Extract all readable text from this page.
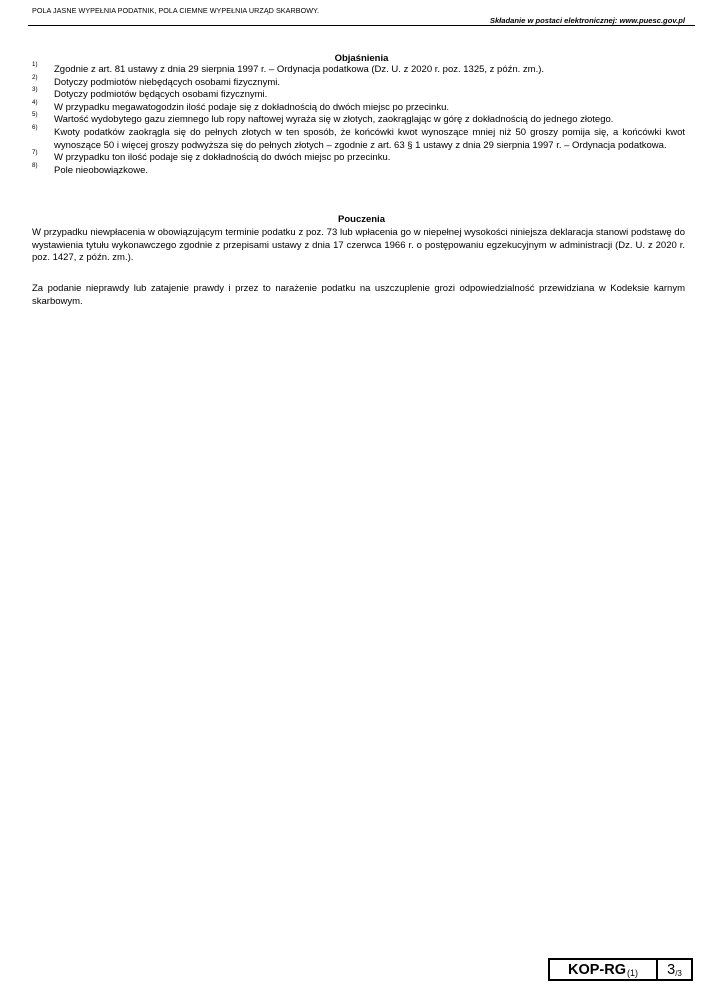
POLA JASNE WYPEŁNIA PODATNIK, POLA CIEMNE WYPEŁNIA URZĄD SKARBOWY.
Składanie w postaci elektronicznej: www.puesc.gov.pl
Objaśnienia
1) Zgodnie z art. 81 ustawy z dnia 29 sierpnia 1997 r. – Ordynacja podatkowa (Dz. U. z 2020 r. poz. 1325, z późn. zm.).
2) Dotyczy podmiotów niebędących osobami fizycznymi.
3) Dotyczy podmiotów będących osobami fizycznymi.
4) W przypadku megawatogodzin ilość podaje się z dokładnością do dwóch miejsc po przecinku.
5) Wartość wydobytego gazu ziemnego lub ropy naftowej wyraża się w złotych, zaokrąglając w górę z dokładnością do jednego złotego.
6) Kwoty podatków zaokrągla się do pełnych złotych w ten sposób, że końcówki kwot wynoszące mniej niż 50 groszy pomija się, a końcówki kwot wynoszące 50 i więcej groszy podwyższa się do pełnych złotych – zgodnie z art. 63 § 1 ustawy z dnia 29 sierpnia 1997 r. – Ordynacja podatkowa.
7) W przypadku ton ilość podaje się z dokładnością do dwóch miejsc po przecinku.
8) Pole nieobowiązkowe.
Pouczenia

W przypadku niewpłacenia w obowiązującym terminie podatku z poz. 73 lub wpłacenia go w niepełnej wysokości niniejsza deklaracja stanowi podstawę do wystawienia tytułu wykonawczego zgodnie z przepisami ustawy z dnia 17 czerwca 1966 r. o postępowaniu egzekucyjnym w administracji (Dz. U. z 2020 r. poz. 1427, z późn. zm.).

Za podanie nieprawdy lub zatajenie prawdy i przez to narażenie podatku na uszczuplenie grozi odpowiedzialność przewidziana w Kodeksie karnym skarbowym.

KOP-RG (1) 3 /3
